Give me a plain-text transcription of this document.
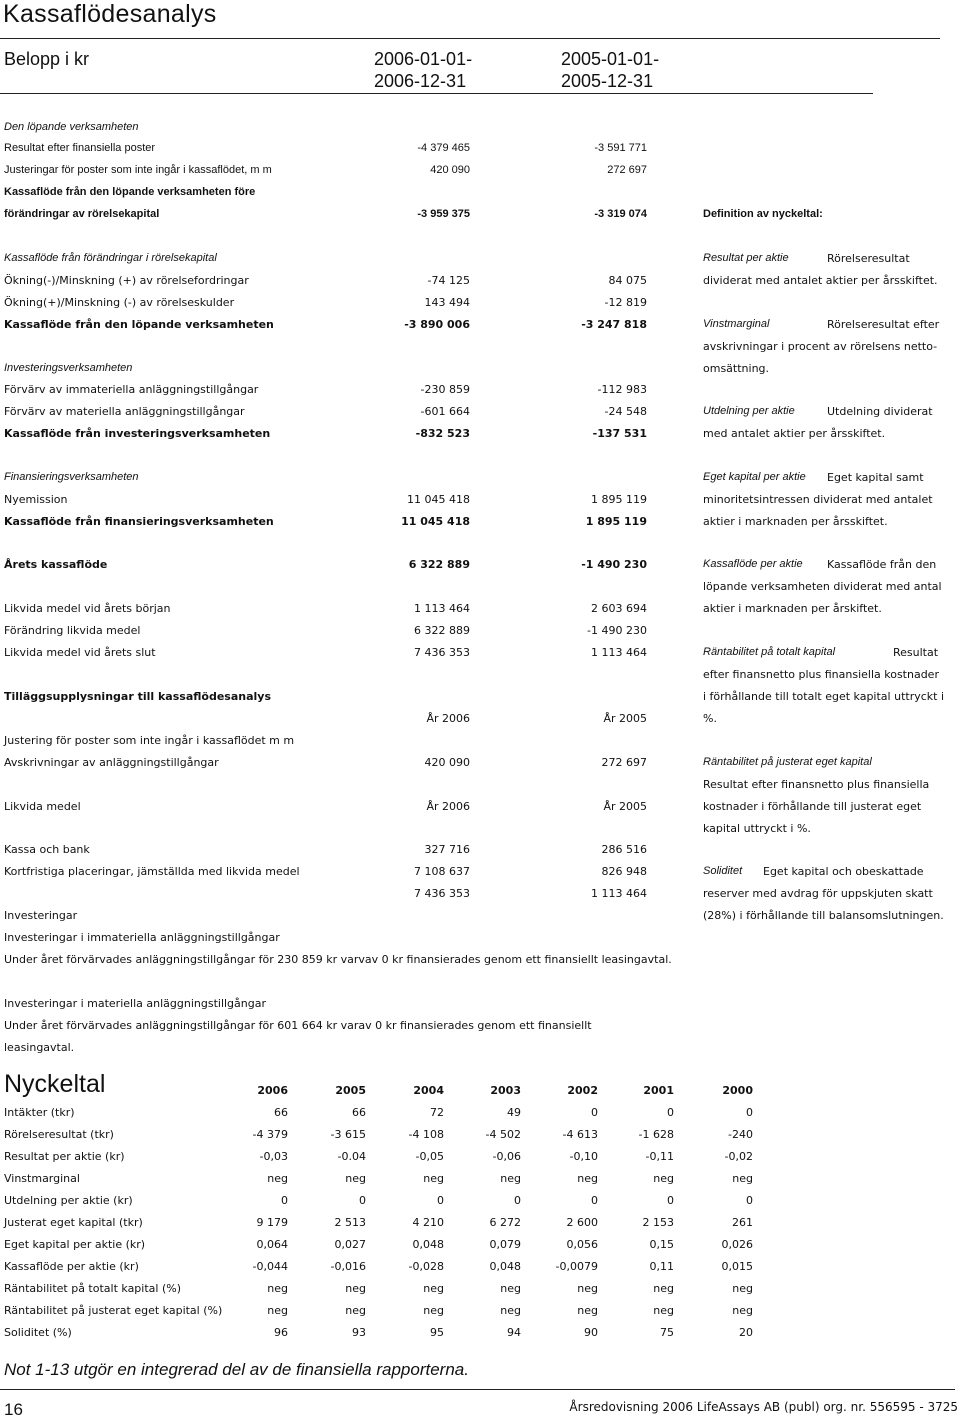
Kassaflödesanalys
Belopp i kr	2006-01-01-
2006-12-31
2005-01-01-
2005-12-31
Den löpande verksamheten
Resultat efter finansiella poster	-4 379 465	-3 591 771
Justeringar för poster som inte ingår i kassaflödet, m m	420 090	272 697
Kassaflöde från den löpande verksamheten före
förändringar av rörelsekapital	-3 959 375	-3 319 074
Kassaflöde från förändringar i rörelsekapital
Ökning(-)/Minskning (+) av rörelsefordringar	-74 125	84 075
Ökning(+)/Minskning (-) av rörelseskulder	143 494	-12 819
Kassaflöde från den löpande verksamheten	-3 890 006	-3 247 818
Investeringsverksamheten
Förvärv av immateriella anläggningstillgångar	-230 859	-112 983
Förvärv av materiella anläggningstillgångar	-601 664	-24 548
Kassaflöde från investeringsverksamheten	-832 523	-137 531
Finansieringsverksamheten
Nyemission	11 045 418	1 895 119
Kassaflöde från finansieringsverksamheten	11 045 418	1 895 119
Årets kassaflöde	6 322 889	-1 490 230
Likvida medel vid årets början	1 113 464	2 603 694
Förändring likvida medel	6 322 889	-1 490 230
Likvida medel vid årets slut	7 436 353	1 113 464
Tilläggsupplysningar till kassaflödesanalys
År 2006	År 2005
Justering för poster som inte ingår i kassaflödet m m
Avskrivningar av anläggningstillgångar	420 090	272 697
Likvida medel	År 2006	År 2005
Kassa och bank	327 716	286 516
Kortfristiga placeringar, jämställda med likvida medel	7 108 637	826 948
7 436 353	1 113 464
Investeringar
Investeringar i immateriella anläggningstillgångar
Under året förvärvades anläggningstillgångar för 230 859 kr varvav 0 kr finansierades genom ett finansiellt leasingavtal.
Investeringar i materiella anläggningstillgångar
Under året förvärvades anläggningstillgångar för 601 664 kr varav 0 kr finansierades genom ett finansiellt
leasingavtal.
Definition av nyckeltal:
Resultat per aktie	Rörelseresultat
dividerat med antalet aktier per årsskiftet.
Vinstmarginal	Rörelseresultat efter
avskrivningar i procent av rörelsens netto-
omsättning.
Utdelning per aktie	Utdelning dividerat
med antalet aktier per årsskiftet.
Eget kapital per aktie Eget kapital samt
minoritetsintressen dividerat med antalet
aktier i marknaden per årsskiftet.
Kassaflöde per aktie Kassaflöde från den
löpande verksamheten dividerat med antal
aktier i marknaden per årskiftet.
Räntabilitet på totalt kapital	Resultat
efter finansnetto plus finansiella kostnader
i förhållande till totalt eget kapital uttryckt i
%.
Räntabilitet på justerat eget kapital
Resultat efter finansnetto plus finansiella
kostnader i förhållande till justerat eget
kapital uttryckt i %.
Soliditet Eget kapital och obeskattade
reserver med avdrag för uppskjuten skatt
(28%) i förhållande till balansomslutningen.
Nyckeltal	2006	2005	2004	2003	2002	2001	2000
Intäkter (tkr)	66	66	72	49	0	0	0
Rörelseresultat (tkr)	-4 379	-3 615	-4 108	-4 502	-4 613	-1 628	-240
Resultat per aktie (kr)	-0,03	-0.04	-0,05	-0,06	-0,10	-0,11	-0,02
Vinstmarginal	neg	neg	neg	neg	neg	neg	neg
Utdelning per aktie (kr)	0	0	0	0	0	0	0
Justerat eget kapital (tkr)	9 179	2 513	4 210	6 272	2 600	2 153	261
Eget kapital per aktie (kr)	0,064	0,027	0,048	0,079	0,056	0,15	0,026
Kassaflöde per aktie (kr)	-0,044	-0,016	-0,028	0,048	-0,0079	0,11	0,015
Räntabilitet på totalt kapital (%)	neg	neg	neg	neg	neg	neg	neg
Räntabilitet på justerat eget kapital (%)	neg	neg	neg	neg	neg	neg	neg
Soliditet (%)	96	93	95	94	90	75	20
Not 1-13 utgör en integrerad del av de finansiella rapporterna.
16	Årsredovisning 2006 LifeAssays AB (publ) org. nr. 556595 - 3725
